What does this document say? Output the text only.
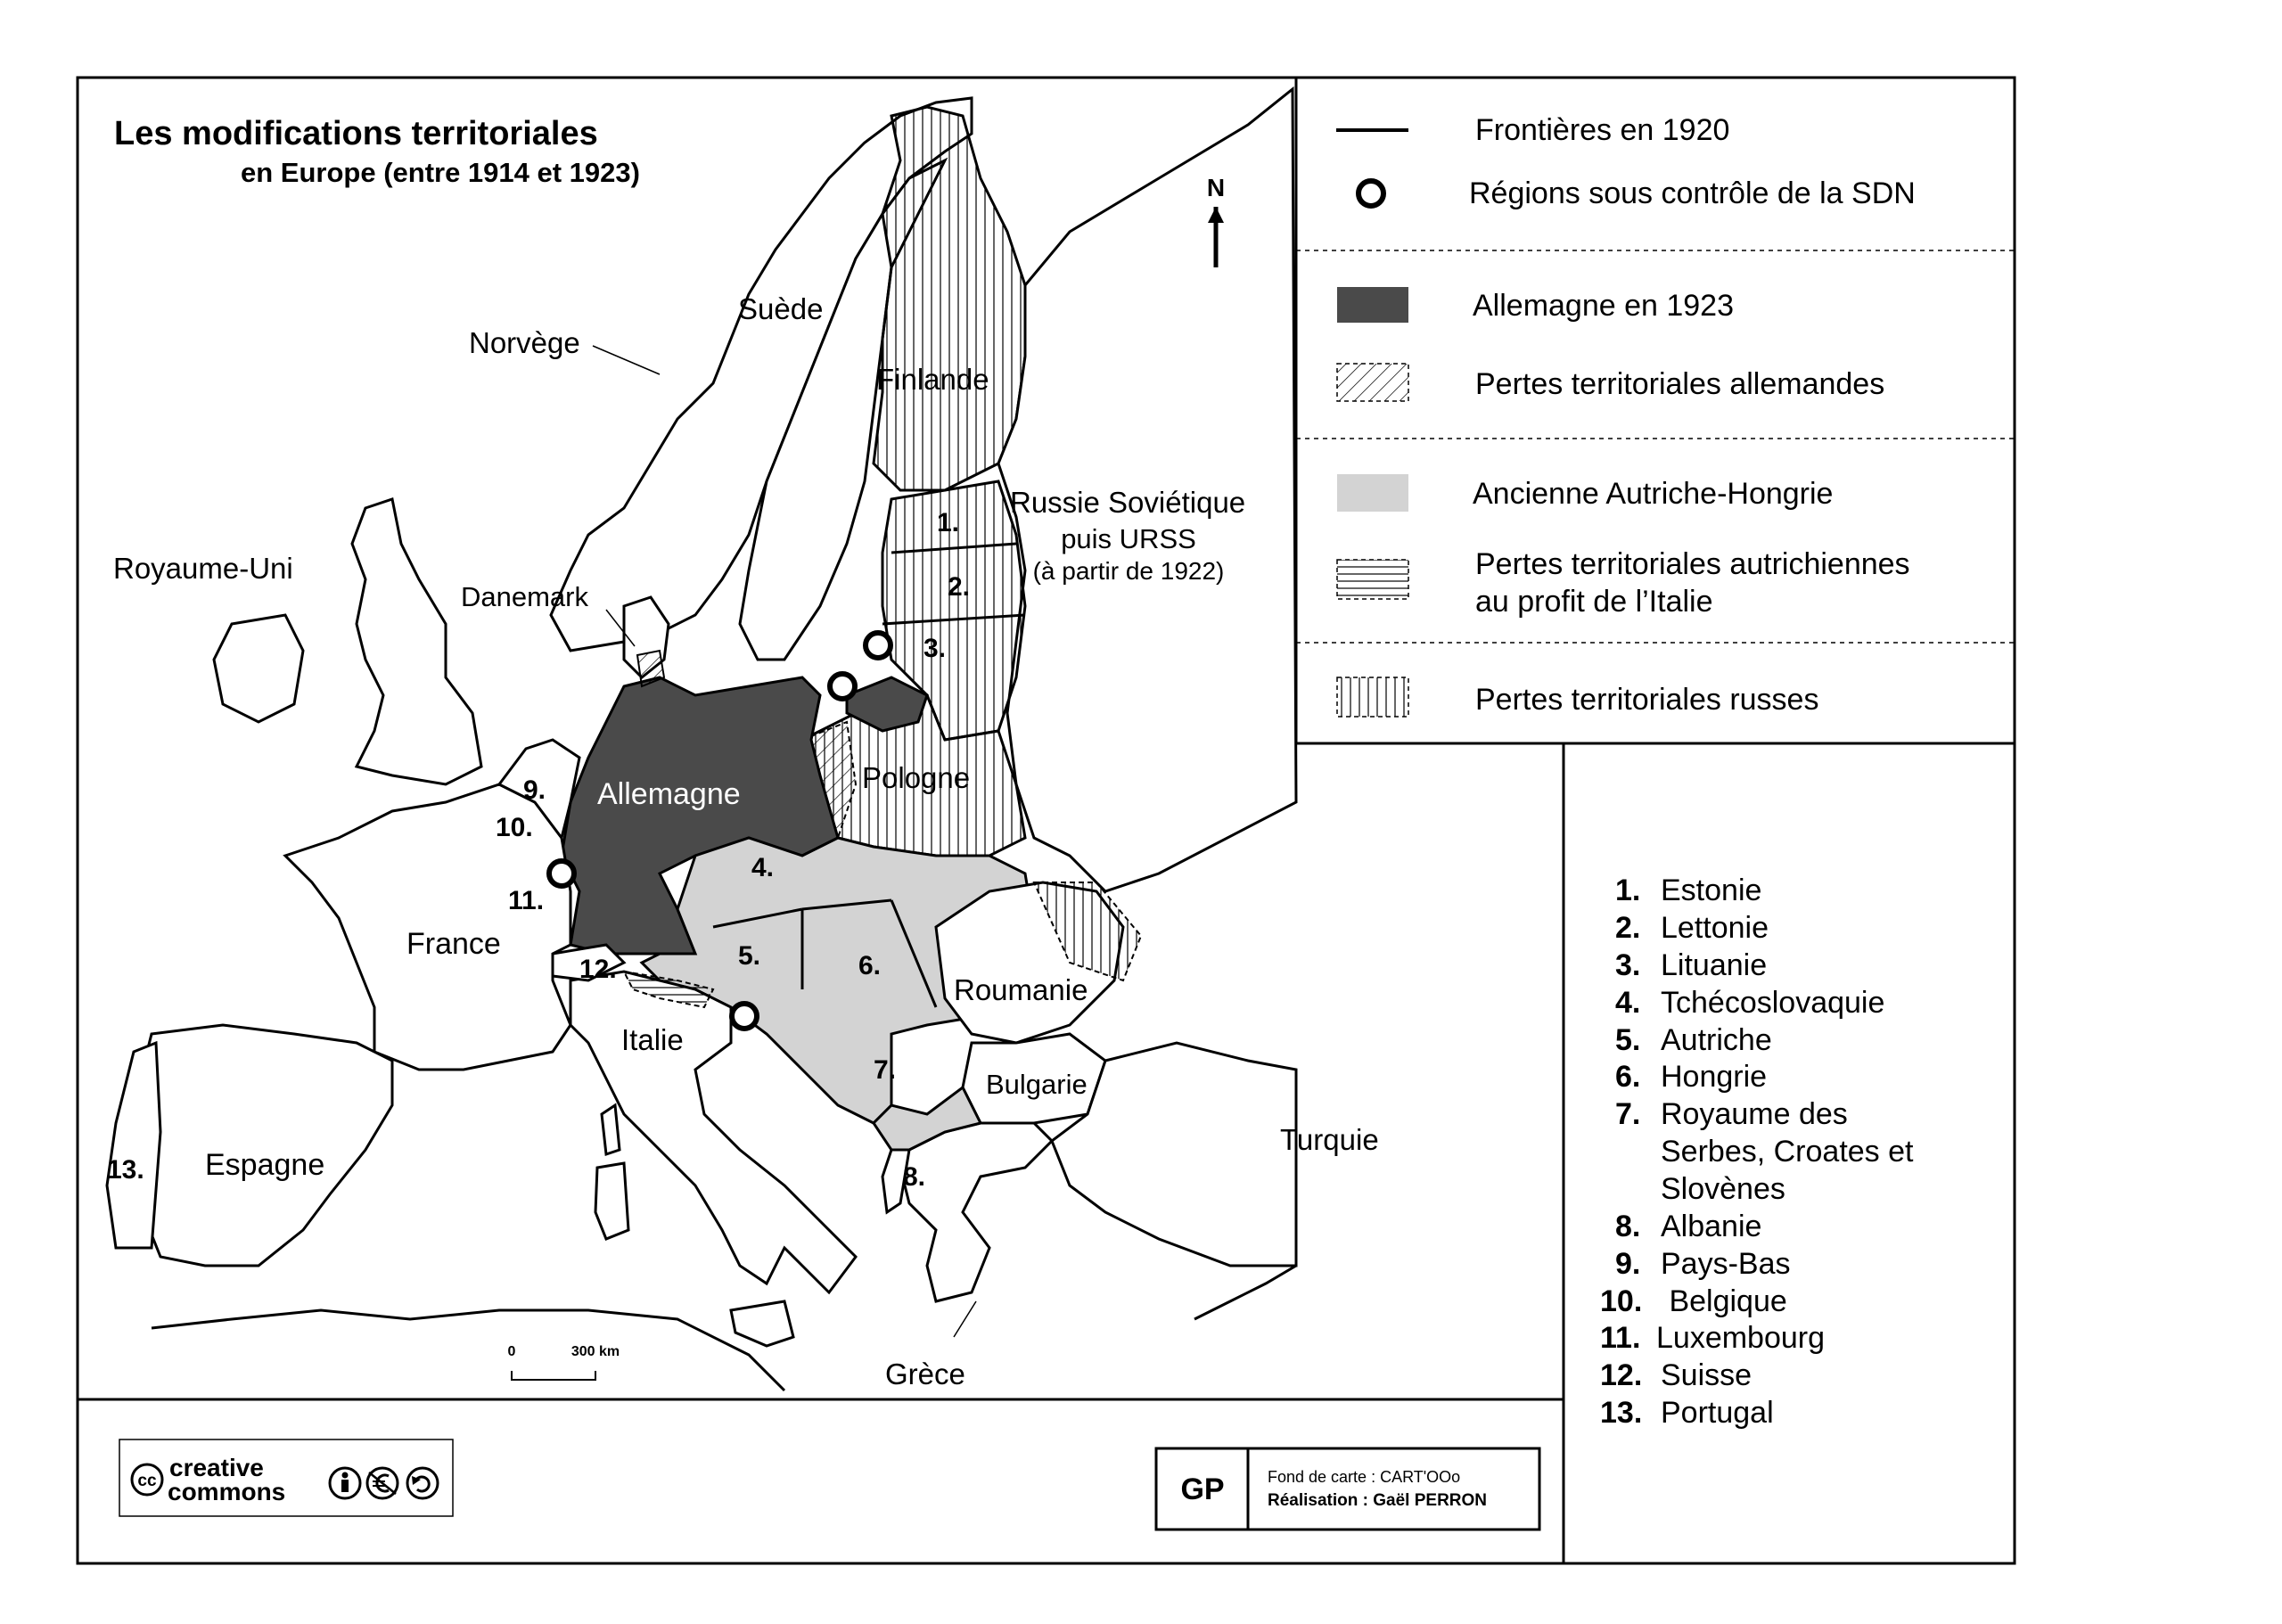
N
Les modifications territoriales
en Europe (entre 1914 et 1923)
Norvège
Suède
Finlande
Russie Soviétique
puis URSS
(à partir de 1922)
Royaume-Uni
Danemark
Allemagne	Pologne
France
Roumanie
Italie
Bulgarie
Espagne
Turquie
Grèce
1.
2.
3.
4.
5.	6.
7.
8.
9.
10.
11.
12.
13.
0	300 km
Frontières en 1920
Régions sous contrôle de la SDN
Allemagne en 1923
Pertes territoriales allemandes
Ancienne Autriche-Hongrie
Pertes territoriales autrichiennes
au profit de l’Italie
Pertes territoriales russes
1. Estonie
2. Lettonie
3. Lituanie
4. Tchécoslovaquie
5. Autriche
6. Hongrie
7. Royaume des
Serbes, Croates et
Slovènes
8. Albanie
9. Pays-Bas
10. Belgique
11. Luxembourg
12. Suisse
13. Portugal
cc creative
commons	GP	Fond de carte : CART'OOo
Réalisation : Gaël PERRON
